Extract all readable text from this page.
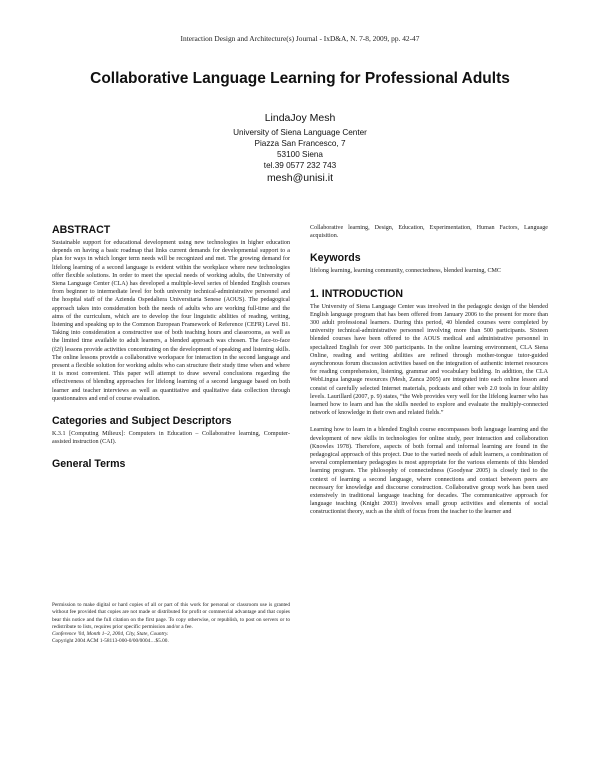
Interaction Design and Architecture(s) Journal - IxD&A, N. 7-8, 2009, pp. 42-47
Collaborative Language Learning for Professional Adults
LindaJoy Mesh
University of Siena Language Center
Piazza San Francesco, 7
53100 Siena
tel.39 0577 232 743
mesh@unisi.it
ABSTRACT

Sustainable support for educational development using new technologies in higher education depends on having a basic roadmap that links current demands for developmental support to a plan for ways in which longer term needs will be recognized and met. The growing demand for lifelong learning of a second language is evident within the workplace where new technologies offer flexible solutions. In order to meet the special needs of working adults, the University of Siena Language Center (CLA) has developed a multiple-level series of blended English courses from beginner to intermediate level for both university technical-administrative personnel and the hospital staff of the Azienda Ospedaliera Universitaria Senese (AOUS). The pedagogical approach takes into consideration both the needs of adults who are working full-time and the aims of the curriculum, which are to develop the four linguistic abilities of reading, writing, listening and speaking up to the Common European Framework of Reference (CEFR) Level B1. Taking into consideration a constructive use of both teaching hours and classrooms, as well as the limited time available to adult learners, a blended approach was chosen. The face-to-face (f2f) lessons provide activities concentrating on the development of speaking and listening skills. The online lessons provide a collaborative workspace for interaction in the second language and present a flexible solution for working adults who can structure their study time when and where it is most convenient. This paper will attempt to draw several conclusions regarding the effectiveness of blending approaches for lifelong learning of a second language based on both learner and teacher interviews as well as quantitative and qualitative data collection through questionnaires and end of course evaluation.

Categories and Subject Descriptors

K.3.1 [Computing Milieux]: Computers in Education – Collaborative learning, Computer-assisted instruction (CAI).

General Terms

Permission to make digital or hard copies of all or part of this work for personal or classroom use is granted without fee provided that copies are not made or distributed for profit or commercial advantage and that copies bear this notice and the full citation on the first page. To copy otherwise, or republish, to post on servers or to redistribute to lists, requires prior specific permission and/or a fee.

Conference '04, Month 1–2, 2004, City, State, Country.

Copyright 2004 ACM 1-58113-000-0/00/0004…$5.00.

Collaborative learning, Design, Education, Experimentation, Human Factors, Language acquisition.

Keywords

lifelong learning, learning community, connectedness, blended learning, CMC

1. INTRODUCTION

The University of Siena Language Center was involved in the pedagogic design of the blended English language program that has been offered from January 2006 to the present for more than 300 adult professional learners. During this period, 40 blended courses were completed by university technical-administrative personnel involving more than 500 participants. Sixteen blended courses have been offered to the AOUS medical and administrative personnel in specialized English for over 300 participants. In the online learning environment, CLA Siena Online, reading and writing abilities are refined through mother-tongue tutor-guided asynchronous forum discussion activities based on the integration of authentic internet resources for reading comprehension, listening, grammar and vocabulary building. In addition, the CLA WebLingua language resources (Mesh, Zanca 2005) are integrated into each online lesson and consist of carefully selected Internet materials, podcasts and other web 2.0 tools in four ability levels. Laurillard (2007, p. 9) states, “the Web provides very well for the lifelong learner who has learned how to learn and has the skills needed to explore and evaluate the multiply-connected network of knowledge in their own and related fields.”

Learning how to learn in a blended English course encompasses both language learning and the development of new skills in technologies for online study, peer interaction and collaboration (Knowles 1978). Therefore, aspects of both formal and informal learning are found in the pedagogical approach of this project. Due to the varied needs of adult learners, a combination of several complementary pedagogies is most appropriate for the various elements of this blended learning program. The philosophy of connectedness (Goodyear 2005) is closely tied to the context of learning a second language, where connections and contact between peers are necessary for knowledge and discourse construction. Collaborative group work has been used extensively in traditional language teaching for decades. The communicative approach for language teaching (Knight 2003) involves small group activities and elements of social constructionist theory, such as the shift of focus from the teacher to the learner and
